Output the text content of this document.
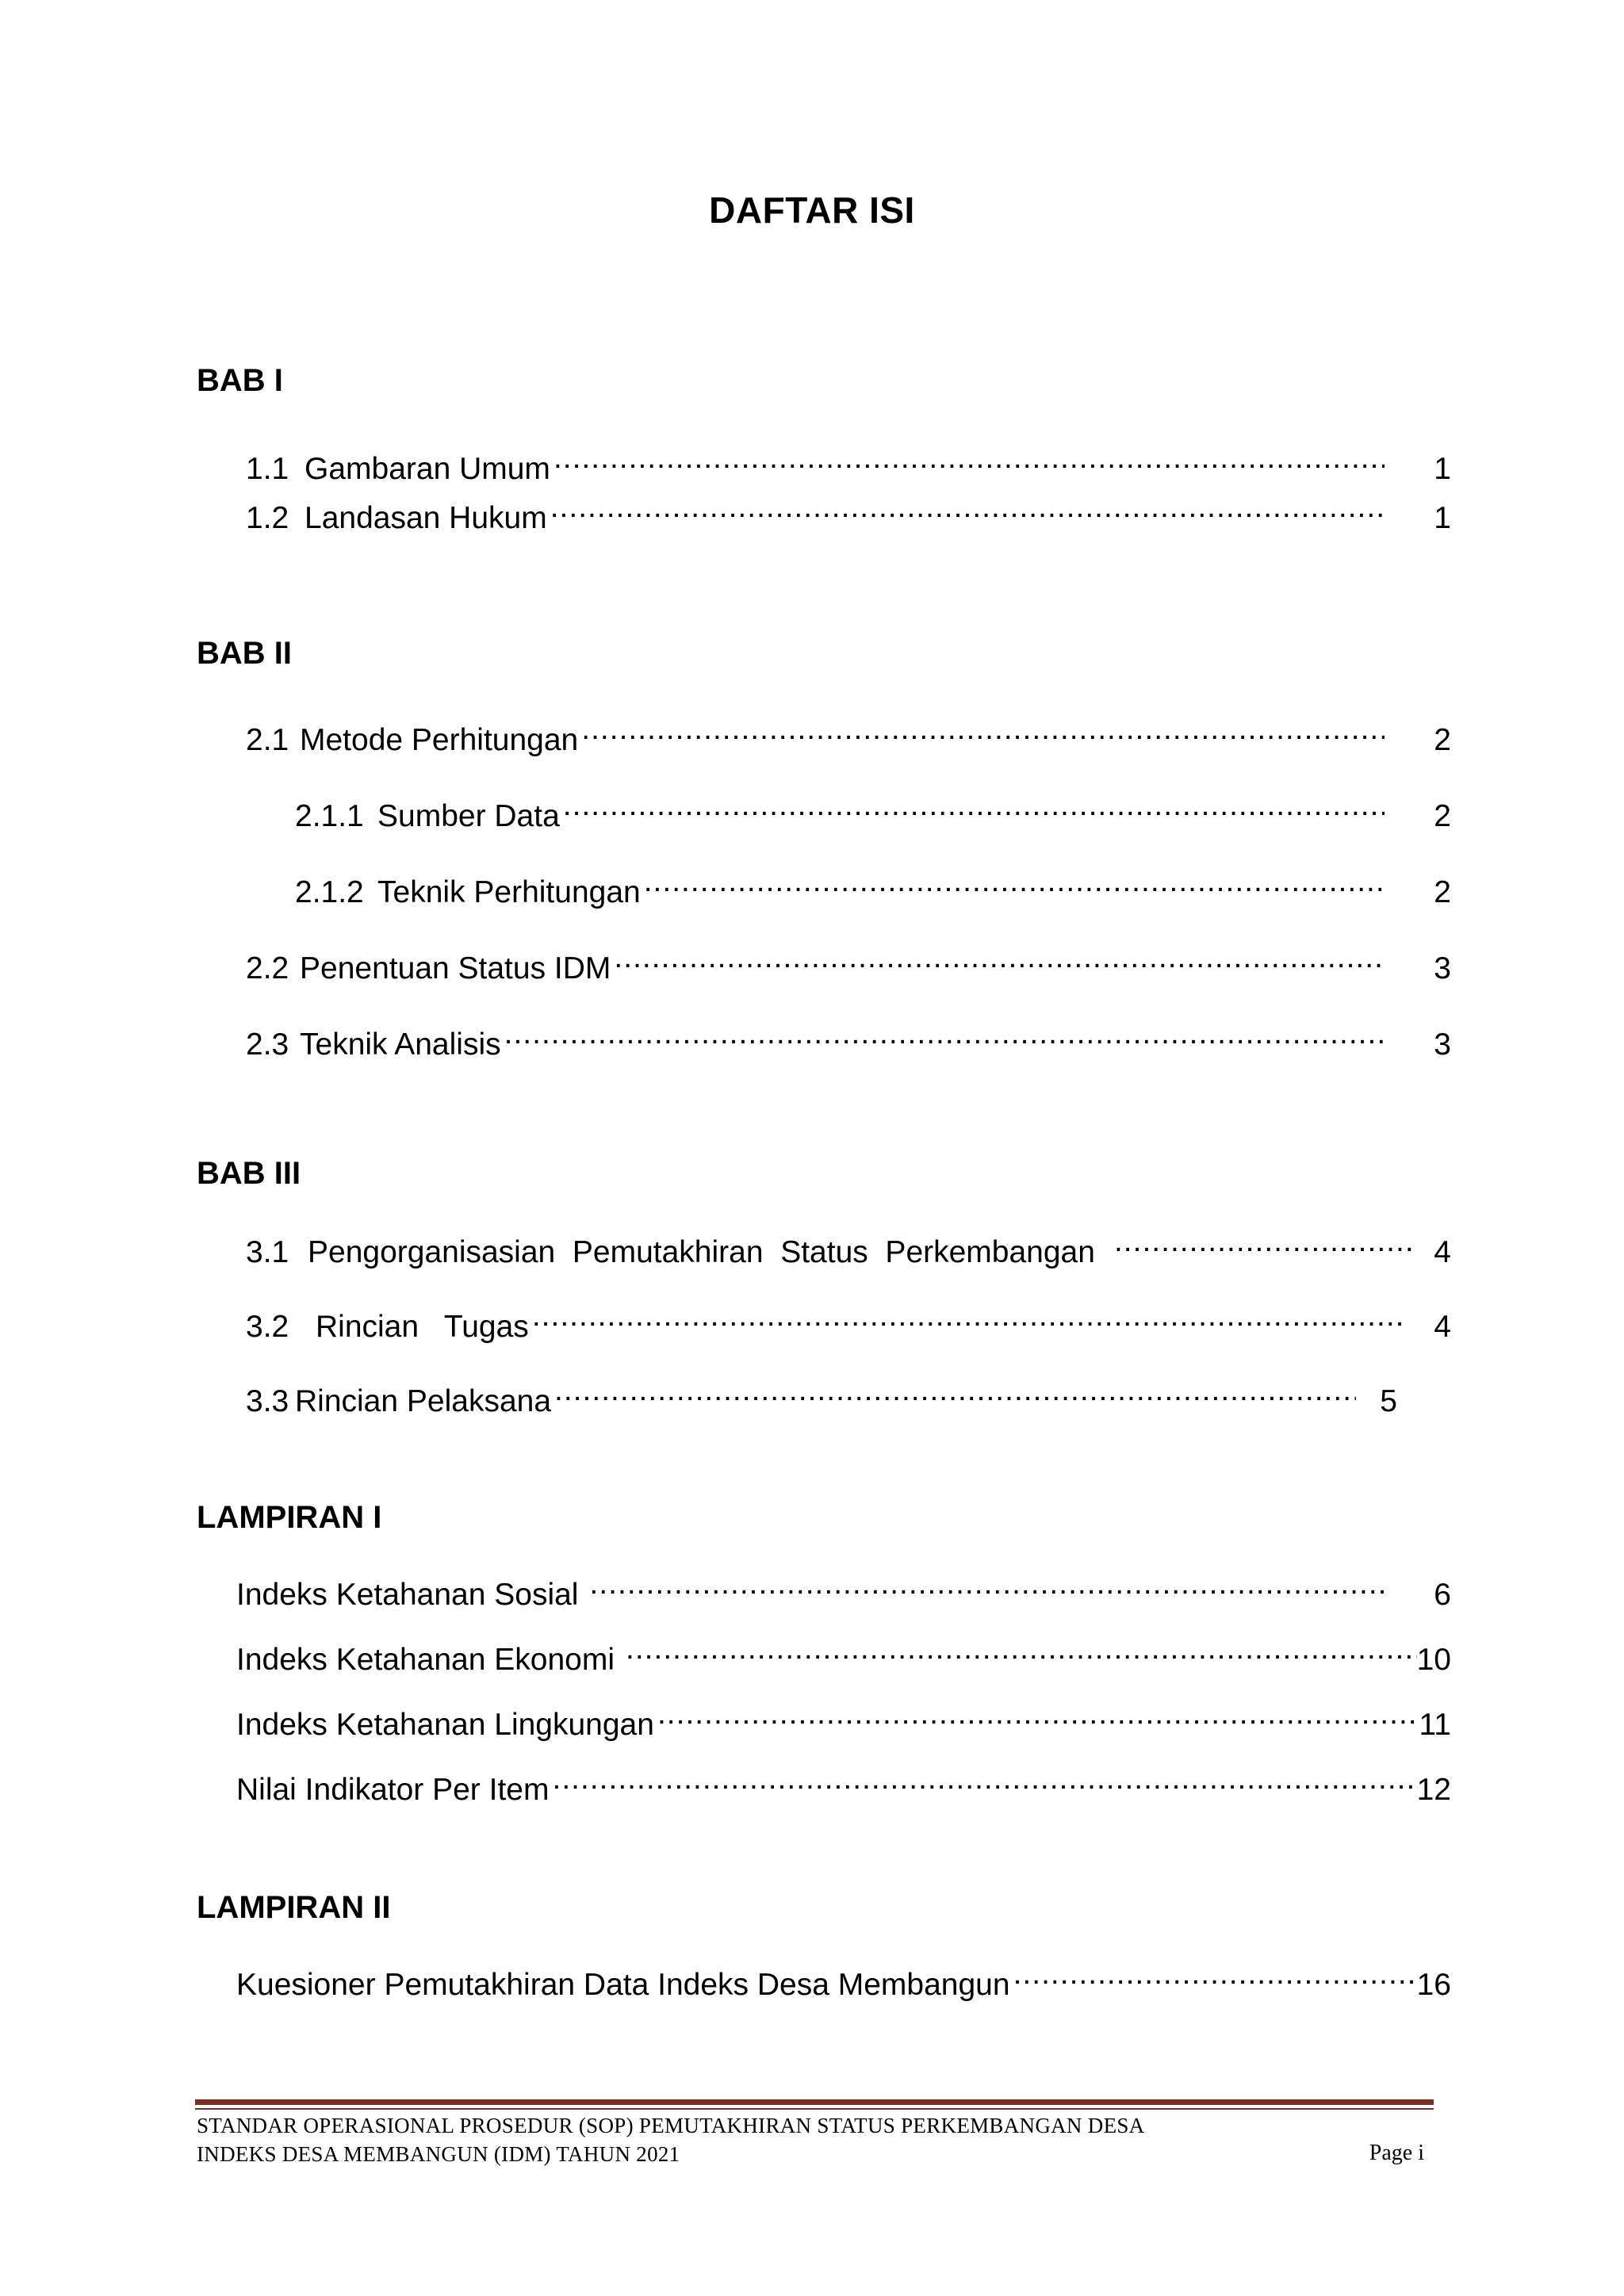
DAFTAR ISI
BAB I
1.1 Gambaran Umum .....	1
1.2 Landasan Hukum .....	1
BAB II
2.1 Metode Perhitungan .....	2
2.1.1 Sumber Data .....	2
2.1.2 Teknik Perhitungan .....	2
2.2 Penentuan Status IDM .....	3
2.3 Teknik Analisis .....	3
BAB III
3.1 Pengorganisasian  Pemutakhiran  Status  Perkembangan .....	4
3.2 Rincian   Tugas .....	4
3.3 Rincian Pelaksana .....	5
LAMPIRAN I
Indeks Ketahanan Sosial .....	6
Indeks Ketahanan Ekonomi .....	10
Indeks Ketahanan Lingkungan .....	11
Nilai Indikator Per Item .....	12
LAMPIRAN II
Kuesioner Pemutakhiran Data Indeks Desa Membangun .....	16
STANDAR OPERASIONAL PROSEDUR (SOP) PEMUTAKHIRAN STATUS PERKEMBANGAN DESA
INDEKS DESA MEMBANGUN (IDM) TAHUN 2021	Page i
